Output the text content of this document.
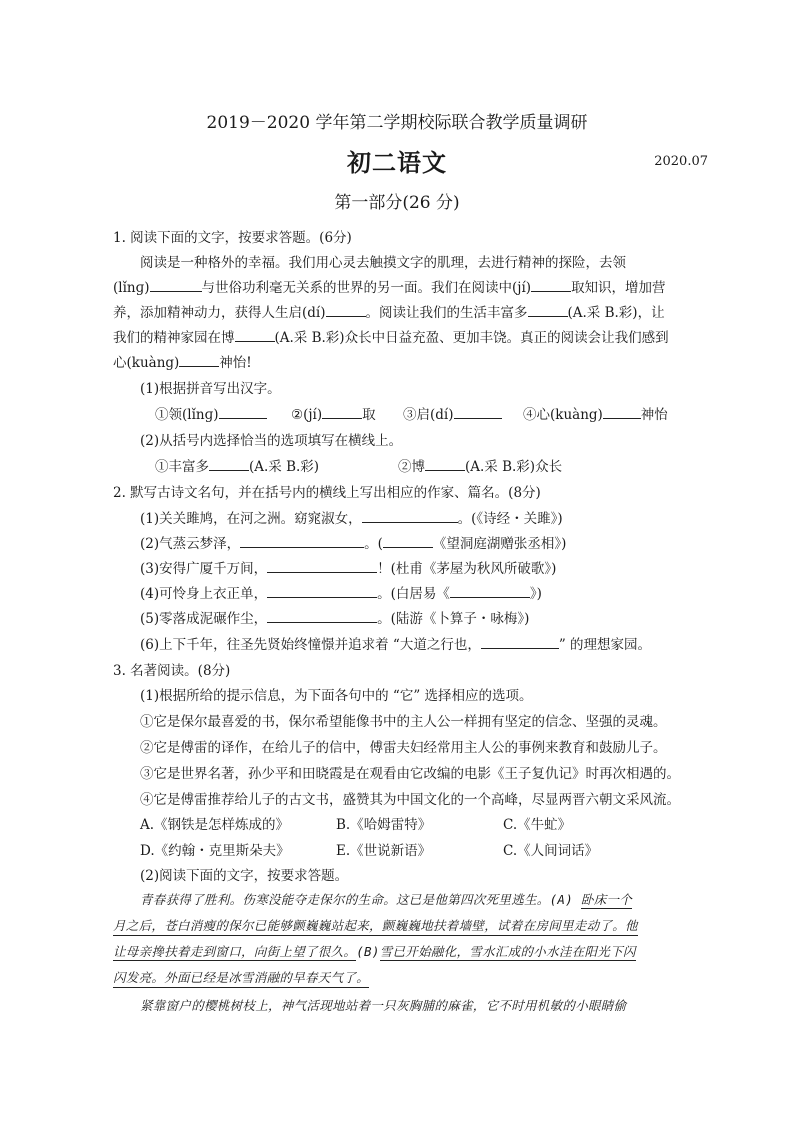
2019－2020 学年第二学期校际联合教学质量调研
初二语文	2020.07
第一部分(26 分)
1. 阅读下面的文字，按要求答题。(6分)
阅读是一种格外的幸福。我们用心灵去触摸文字的肌理，去进行精神的探险，去领
(lǐnɡ)	与世俗功利毫无关系的世界的另一面。我们在阅读中(jí)	取知识，增加营
养，添加精神动力，获得人生启(dí)	。阅读让我们的生活丰富多	(A.采 B.彩)，让
我们的精神家园在博	(A.采 B.彩)众长中日益充盈、更加丰饶。真正的阅读会让我们感到
心(kuàng)	神怡!
(1)根据拼音写出汉字。
①领(lǐnɡ)	②(jí)	取 ③启(dí)	④心(kuàng)	神怡
(2)从括号内选择恰当的选项填写在横线上。
①丰富多	(A.采 B.彩)	②博	(A.采 B.彩)众长
2. 默写古诗文名句，并在括号内的横线上写出相应的作家、篇名。(8分)
(1)关关雎鸠，在河之洲。窈窕淑女，	。(《诗经・关雎》)
(2)气蒸云梦泽，	。(	《望洞庭湖赠张丞相》)
(3)安得广厦千万间，	！(杜甫《茅屋为秋风所破歌》)
(4)可怜身上衣正单，	。(白居易《	》)
(5)零落成泥碾作尘，	。(陆游《卜算子・咏梅》)
(6)上下千年，往圣先贤始终憧憬并追求着 “大道之行也，	” 的理想家园。
3. 名著阅读。(8分)
(1)根据所给的提示信息，为下面各句中的 “它” 选择相应的选项。
①它是保尔最喜爱的书，保尔希望能像书中的主人公一样拥有坚定的信念、坚强的灵魂。
②它是傅雷的译作，在给儿子的信中，傅雷夫妇经常用主人公的事例来教育和鼓励儿子。
③它是世界名著，孙少平和田晓霞是在观看由它改编的电影《王子复仇记》时再次相遇的。
④它是傅雷推荐给儿子的古文书，盛赞其为中国文化的一个高峰，尽显两晋六朝文采风流。
A.《钢铁是怎样炼成的》	B.《哈姆雷特》	C.《牛虻》
D.《约翰・克里斯朵夫》	E.《世说新语》	C.《人间词话》
(2)阅读下面的文字，按要求答题。
青春获得了胜利。伤寒没能夺走保尔的生命。这已是他第四次死里逃生。(A) 卧床一个
月之后，苍白消瘦的保尔已能够颤巍巍站起来，颤巍巍地扶着墙壁，试着在房间里走动了。他
让母亲搀扶着走到窗口，向街上望了很久。(B)雪已开始融化，雪水汇成的小水洼在阳光下闪
闪发亮。外面已经是冰雪消融的早春天气了。
紧靠窗户的樱桃树枝上，神气活现地站着一只灰胸脯的麻雀，它不时用机敏的小眼睛偷
